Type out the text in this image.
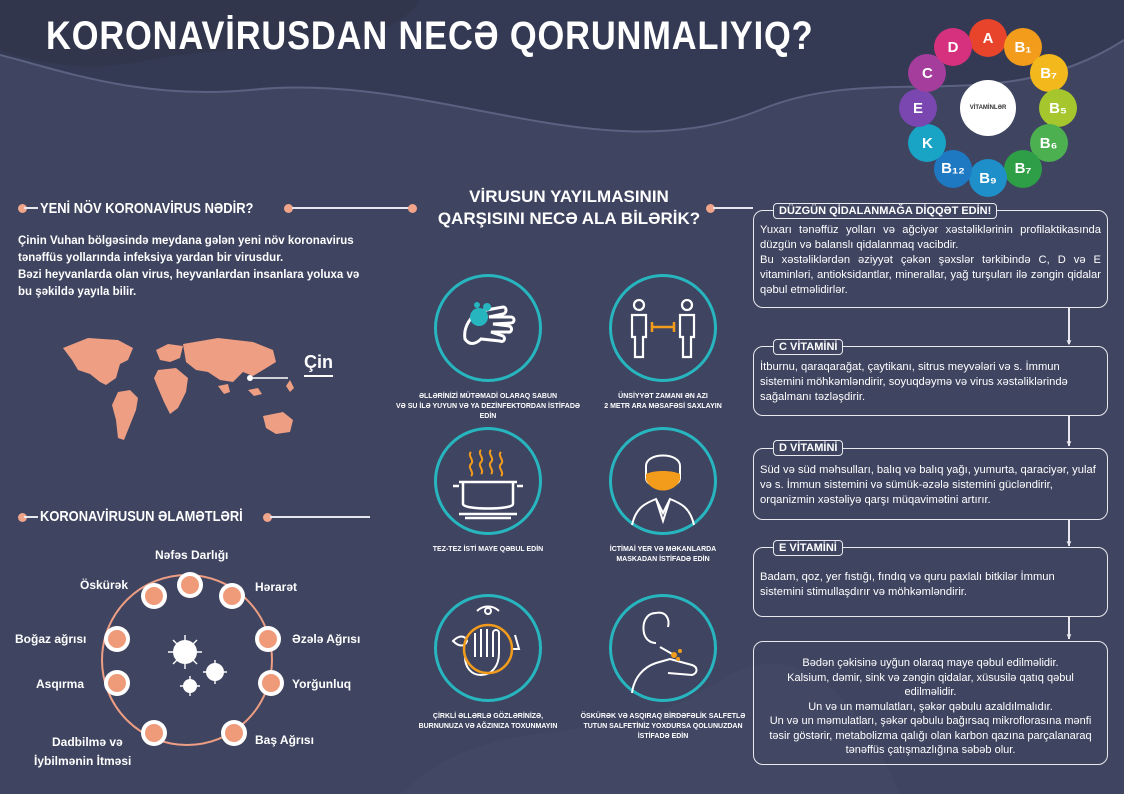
KORONAVİRUSDAN NECƏ QORUNMALIYIQ?	A
B₁
B₇
B₅
B₆
B₇
B₉
B₁₂
K
E
C
D
VİTAMİNLƏR
YENİ NÖV KORONAVİRUS NƏDİR?
Çinin Vuhan bölgəsində meydana gələn yeni növ koronavirus
tənəffüs yollarında infeksiya yardan bir virusdur.
Bəzi heyvanlarda olan virus, heyvanlardan insanlara yoluxa və
bu şəkildə yayıla bilir.
Çin
KORONAVİRUSUN ƏLAMƏTLƏRİ
Nəfəs Darlığı
Hərarət
Əzələ Ağrısı
Yorğunluq
Baş Ağrısı
Dadbilmə və
İybilmənin İtməsi
Asqırma
Boğaz ağrısı
Öskürək
VİRUSUN YAYILMASININ
QARŞISINI NECƏ ALA BİLƏRİK?
ƏLLƏRİNİZİ MÜTƏMADİ OLARAQ SABUN
VƏ SU İLƏ YUYUN VƏ YA DEZİNFEKTORDAN İSTİFADƏ EDİN
ÜNSİYYƏT ZAMANI ƏN AZI
2 METR ARA MƏSAFƏSİ SAXLAYIN
TEZ-TEZ İSTİ MAYE QƏBUL EDİN	İCTİMAİ YER VƏ MƏKANLARDA
MASKADAN İSTİFADƏ EDİN
ÇİRKLİ ƏLLƏRLƏ GÖZLƏRİNİZƏ,
BURNUNUZA VƏ AĞZINIZA TOXUNMAYIN
ÖSKÜRƏK VƏ ASQIRAQ BİRDƏFƏLİK SALFETLƏ
TUTUN SALFETİNİZ YOXDURSA QOLUNUZDAN
İSTİFADƏ EDİN
Yuxarı tənəffüz yolları və ağciyər xəstəliklərinin profilaktikasında düzgün və balanslı qidalanmaq vacibdir.
Bu xəstəliklərdən əziyyət çəkən şəxslər tərkibində C, D və E vitaminləri, antioksidantlar, minerallar, yağ turşuları ilə zəngin qidalar qəbul etməlidirlər.
DÜZGÜN QİDALANMAĞA DİQQƏT EDİN!
▼
İtburnu, qaraqarağat, çaytikanı, sitrus meyvələri və s. İmmun sistemini möhkəmləndirir, soyuqdəymə və virus xəstəliklərində sağalmanı təzləşdirir.
C VİTAMİNİ
▼
Süd və süd məhsulları, balıq və balıq yağı, yumurta, qaraciyər, yulaf və s. İmmun sistemini və sümük-əzələ sistemini gücləndirir, orqanizmin xəstəliyə qarşı müqavimətini artırır.
D VİTAMİNİ
▼
Badam, qoz, yer fıstığı, fındıq və quru paxlalı bitkilər İmmun sistemini stimullaşdırır və möhkəmləndirir.
E VİTAMİNİ
▼
Bədən çəkisinə uyğun olaraq maye qəbul edilməlidir.
Kalsium, dəmir, sink və zəngin qidalar, xüsusilə qatıq qəbul edilməlidir.
Un və un məmulatları, şəkər qəbulu azaldılmalıdır.
Un və un məmulatları, şəkər qəbulu bağırsaq mikroflorasına mənfi təsir göstərir, metabolizma qalığı olan karbon qazına parçalanaraq tənəffüs çatışmazlığına səbəb olur.
